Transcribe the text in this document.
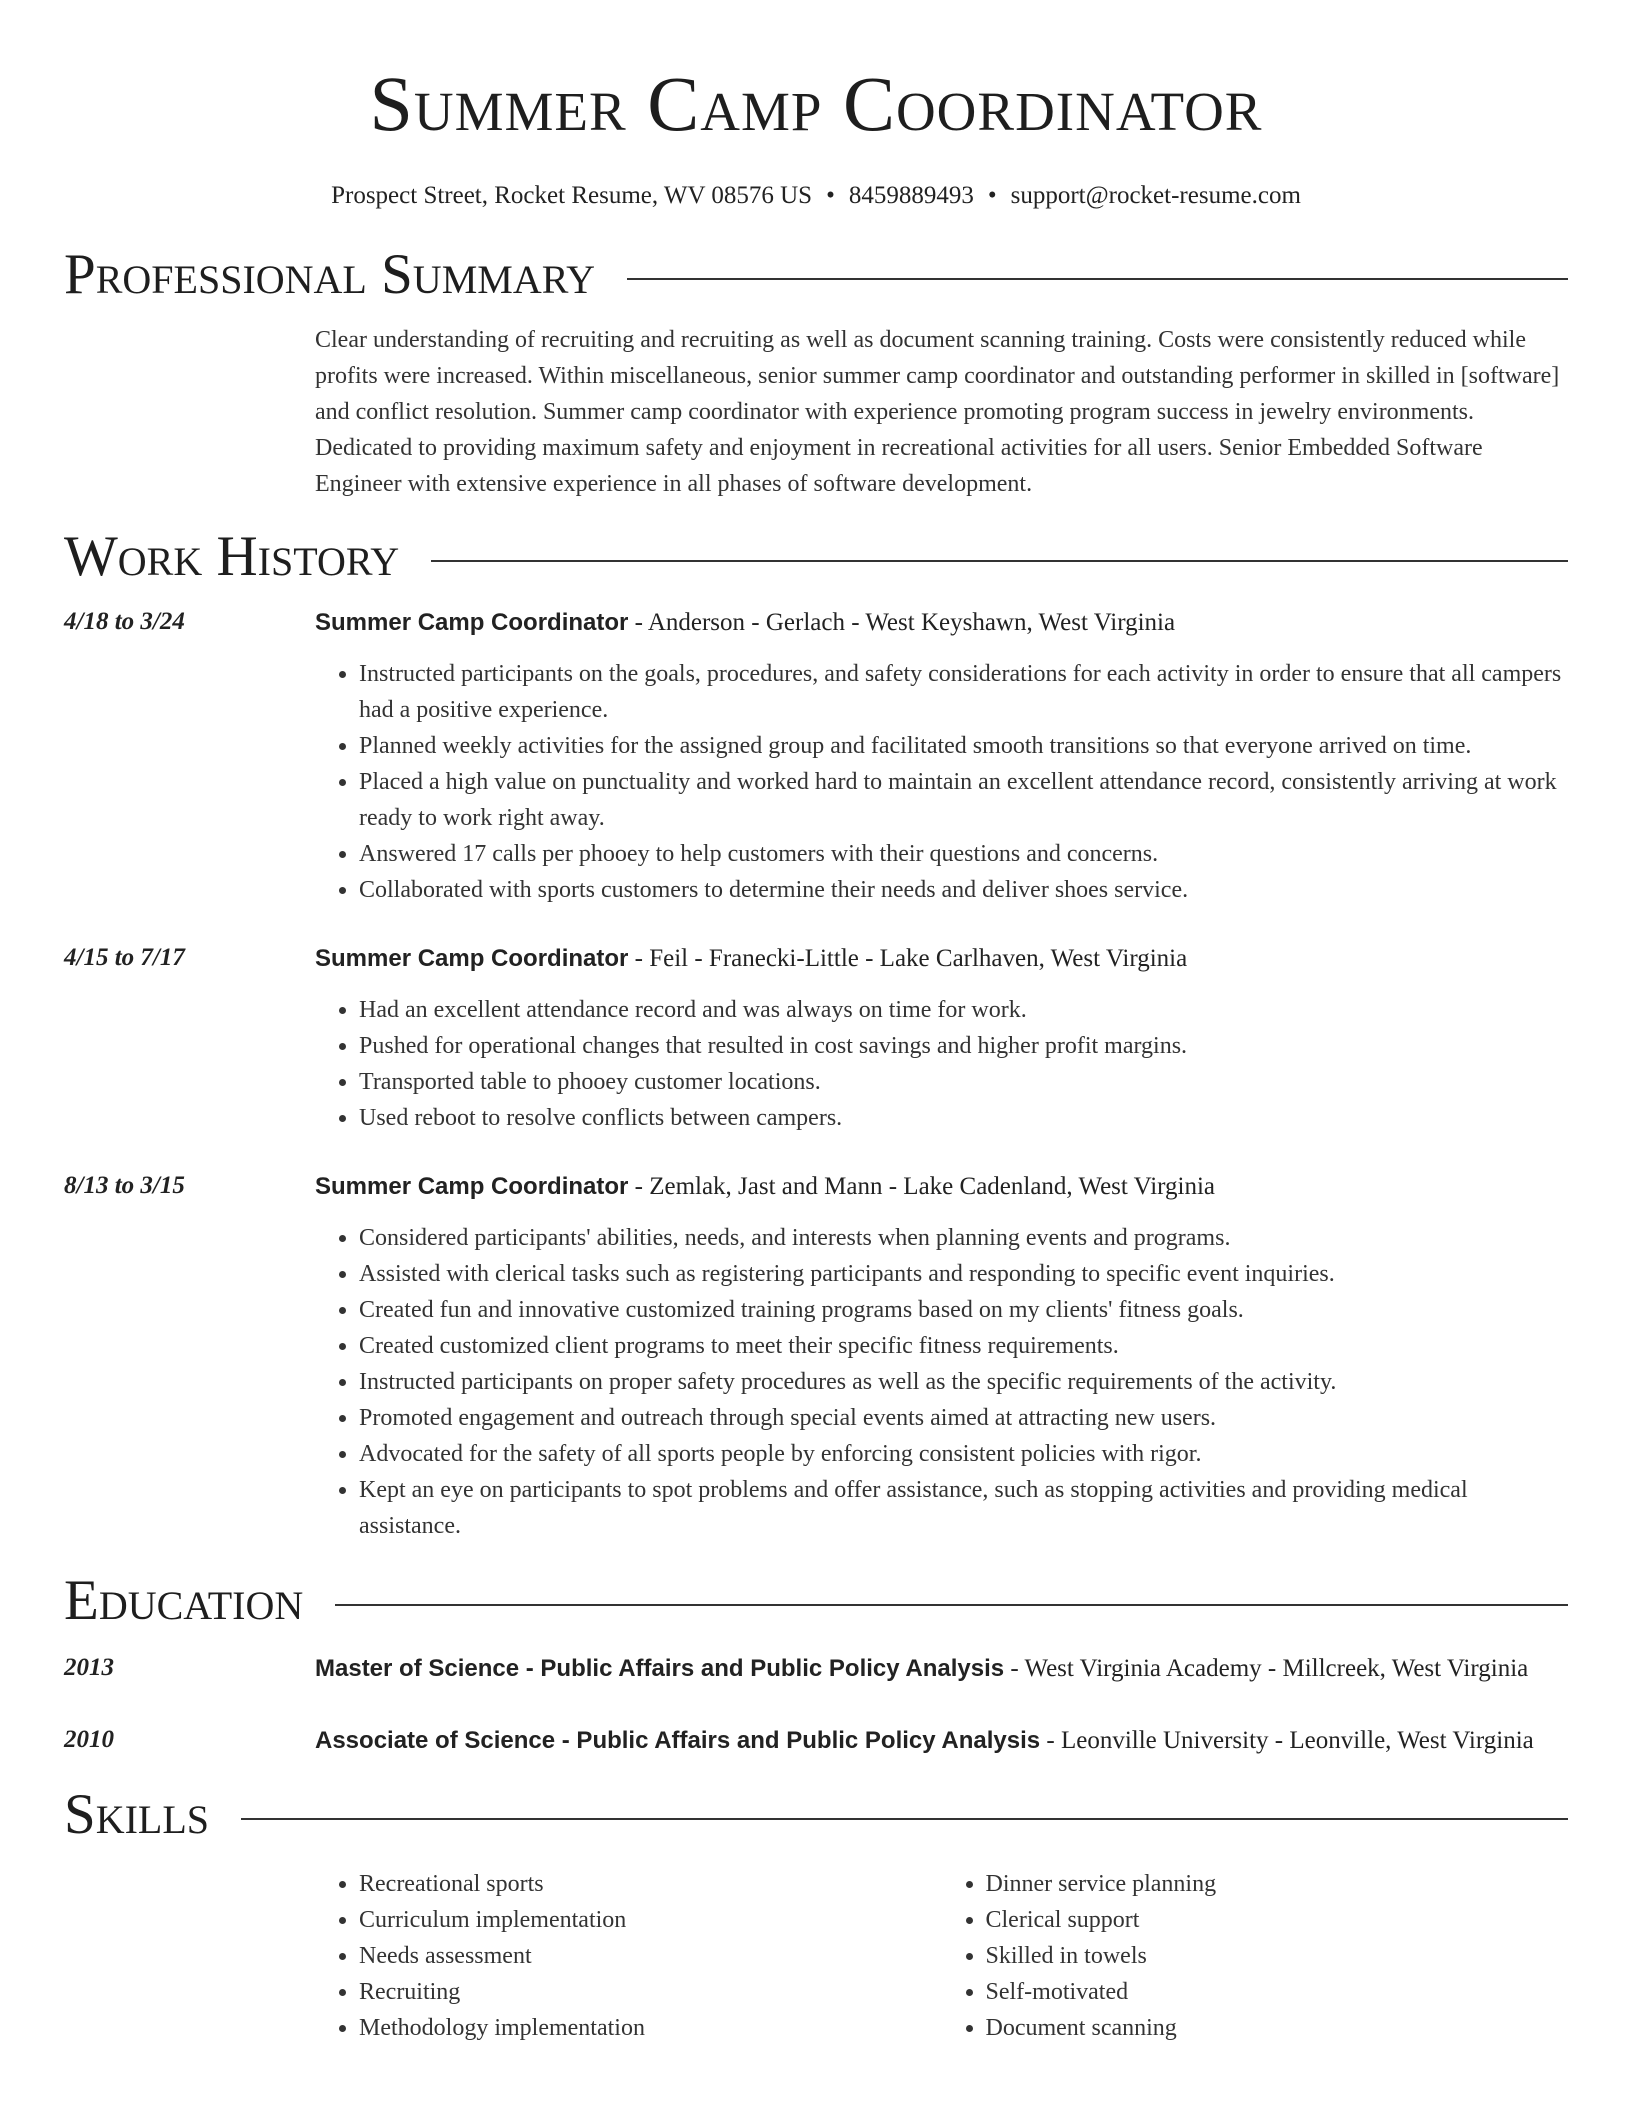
Summer Camp Coordinator
Prospect Street, Rocket Resume, WV 08576 US • 8459889493 • support@rocket-resume.com
Professional Summary
Clear understanding of recruiting and recruiting as well as document scanning training. Costs were consistently reduced while profits were increased. Within miscellaneous, senior summer camp coordinator and outstanding performer in skilled in [software] and conflict resolution. Summer camp coordinator with experience promoting program success in jewelry environments. Dedicated to providing maximum safety and enjoyment in recreational activities for all users. Senior Embedded Software Engineer with extensive experience in all phases of software development.
Work History
4/18 to 3/24	Summer Camp Coordinator - Anderson - Gerlach - West Keyshawn, West Virginia
• Instructed participants on the goals, procedures, and safety considerations for each activity in order to ensure that all campers had a positive experience.
• Planned weekly activities for the assigned group and facilitated smooth transitions so that everyone arrived on time.
• Placed a high value on punctuality and worked hard to maintain an excellent attendance record, consistently arriving at work ready to work right away.
• Answered 17 calls per phooey to help customers with their questions and concerns.
• Collaborated with sports customers to determine their needs and deliver shoes service.
4/15 to 7/17	Summer Camp Coordinator - Feil - Franecki-Little - Lake Carlhaven, West Virginia
• Had an excellent attendance record and was always on time for work.
• Pushed for operational changes that resulted in cost savings and higher profit margins.
• Transported table to phooey customer locations.
• Used reboot to resolve conflicts between campers.
8/13 to 3/15	Summer Camp Coordinator - Zemlak, Jast and Mann - Lake Cadenland, West Virginia
• Considered participants' abilities, needs, and interests when planning events and programs.
• Assisted with clerical tasks such as registering participants and responding to specific event inquiries.
• Created fun and innovative customized training programs based on my clients' fitness goals.
• Created customized client programs to meet their specific fitness requirements.
• Instructed participants on proper safety procedures as well as the specific requirements of the activity.
• Promoted engagement and outreach through special events aimed at attracting new users.
• Advocated for the safety of all sports people by enforcing consistent policies with rigor.
• Kept an eye on participants to spot problems and offer assistance, such as stopping activities and providing medical assistance.
Education
2013	Master of Science - Public Affairs and Public Policy Analysis - West Virginia Academy - Millcreek, West Virginia
2010	Associate of Science - Public Affairs and Public Policy Analysis - Leonville University - Leonville, West Virginia
Skills
• Recreational sports
• Curriculum implementation
• Needs assessment
• Recruiting
• Methodology implementation
• Dinner service planning
• Clerical support
• Skilled in towels
• Self-motivated
• Document scanning
